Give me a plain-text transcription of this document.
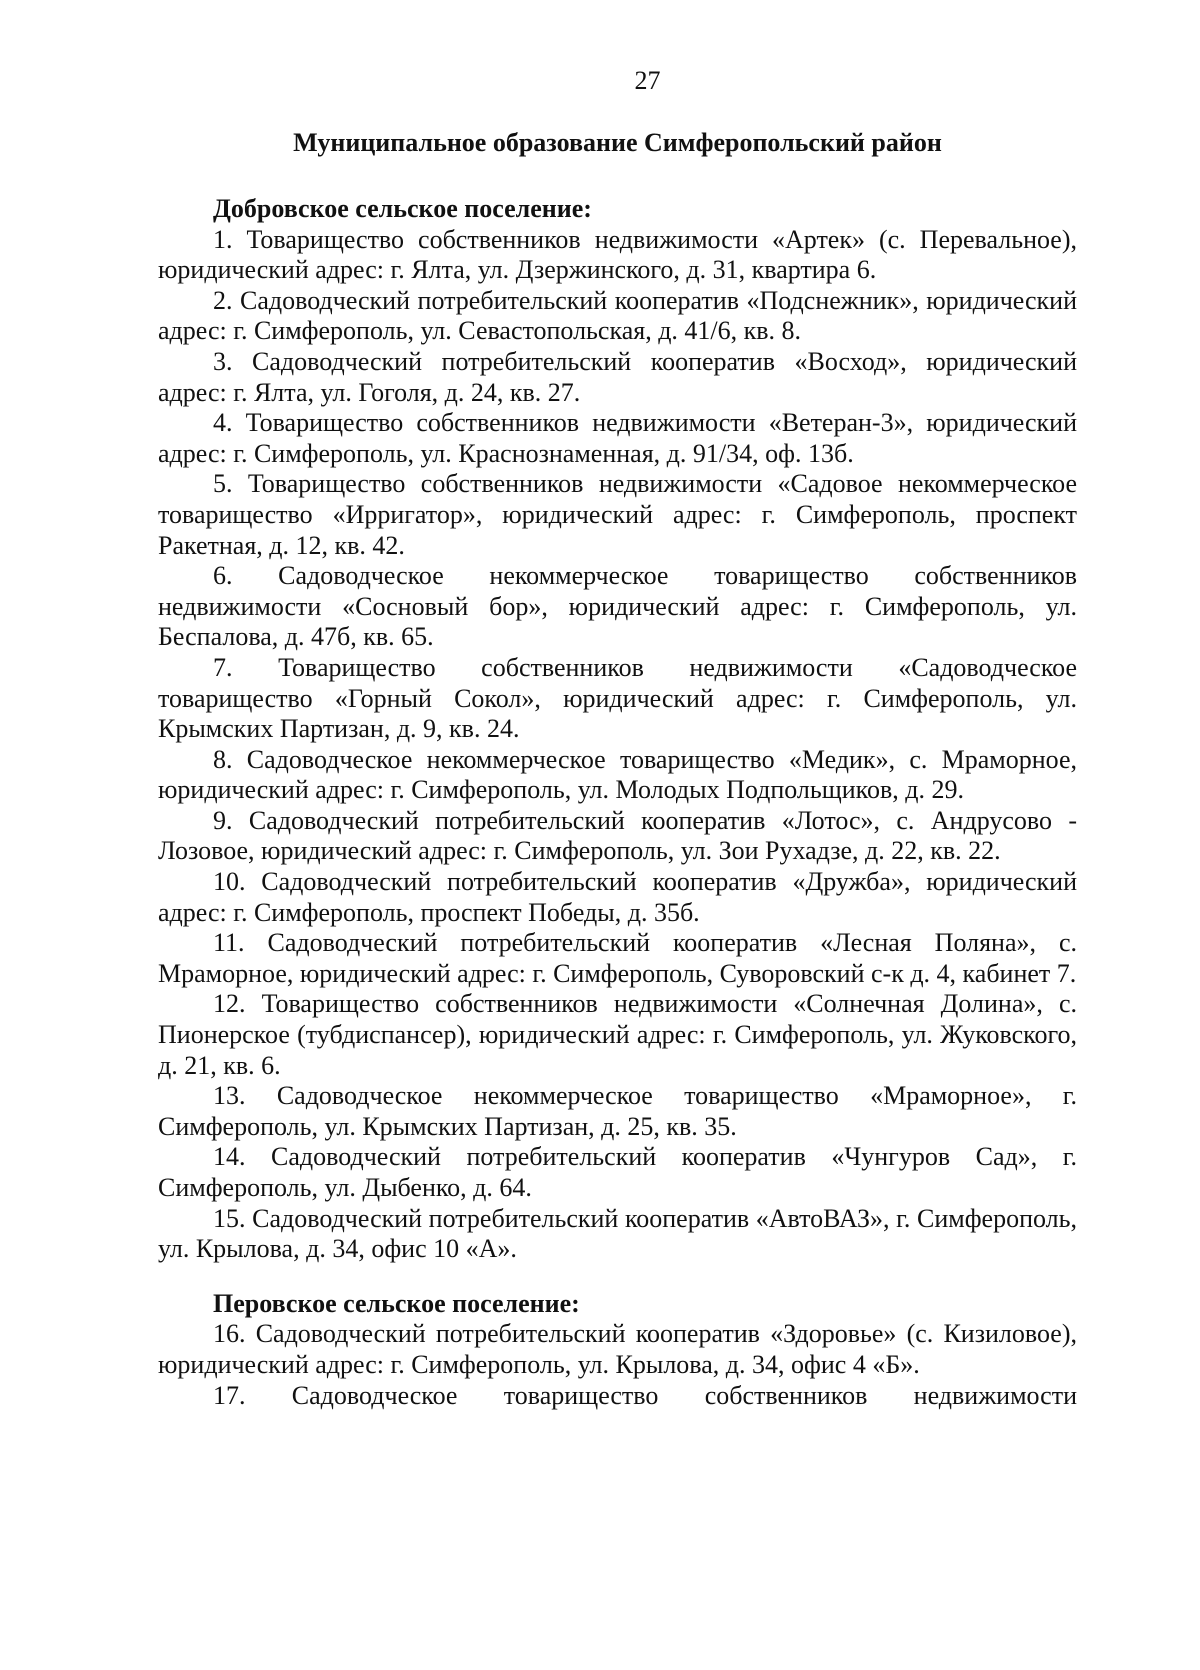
27
Муниципальное образование Симферопольский район
Добровское сельское поселение:

1. Товарищество собственников недвижимости «Артек» (с. Перевальное), юридический адрес: г. Ялта, ул. Дзержинского, д. 31, квартира 6.

2. Садоводческий потребительский кооператив «Подснежник», юридический адрес: г. Симферополь, ул. Севастопольская, д. 41/6, кв. 8.

3. Садоводческий потребительский кооператив «Восход», юридический адрес: г. Ялта, ул. Гоголя, д. 24, кв. 27.

4. Товарищество собственников недвижимости «Ветеран-3», юридический адрес: г. Симферополь, ул. Краснознаменная, д. 91/34, оф. 13б.

5. Товарищество собственников недвижимости «Садовое некоммерческое товарищество «Ирригатор», юридический адрес: г. Симферополь, проспект Ракетная, д. 12, кв. 42.

6. Садоводческое некоммерческое товарищество собственников недвижимости «Сосновый бор», юридический адрес: г. Симферополь, ул. Беспалова, д. 47б, кв. 65.

7. Товарищество собственников недвижимости «Садоводческое товарищество «Горный Сокол», юридический адрес: г. Симферополь, ул. Крымских Партизан, д. 9, кв. 24.

8. Садоводческое некоммерческое товарищество «Медик», с. Мраморное, юридический адрес: г. Симферополь, ул. Молодых Подпольщиков, д. 29.

9. Садоводческий потребительский кооператив «Лотос», с. Андрусово - Лозовое, юридический адрес: г. Симферополь, ул. Зои Рухадзе, д. 22, кв. 22.

10. Садоводческий потребительский кооператив «Дружба», юридический адрес: г. Симферополь, проспект Победы, д. 35б.

11. Садоводческий потребительский кооператив «Лесная Поляна», с. Мраморное, юридический адрес: г. Симферополь, Суворовский с-к д. 4, кабинет 7.

12. Товарищество собственников недвижимости «Солнечная Долина», с. Пионерское (тубдиспансер), юридический адрес: г. Симферополь, ул. Жуковского, д. 21, кв. 6.

13. Садоводческое некоммерческое товарищество «Мраморное», г. Симферополь, ул. Крымских Партизан, д. 25, кв. 35.

14. Садоводческий потребительский кооператив «Чунгуров Сад», г. Симферополь, ул. Дыбенко, д. 64.

15. Садоводческий потребительский кооператив «АвтоВАЗ», г. Симферополь, ул. Крылова, д. 34, офис 10 «А».

Перовское сельское поселение:

16. Садоводческий потребительский кооператив «Здоровье» (с. Кизиловое), юридический адрес: г. Симферополь, ул. Крылова, д. 34, офис 4 «Б».

17. Садоводческое товарищество собственников недвижимости
